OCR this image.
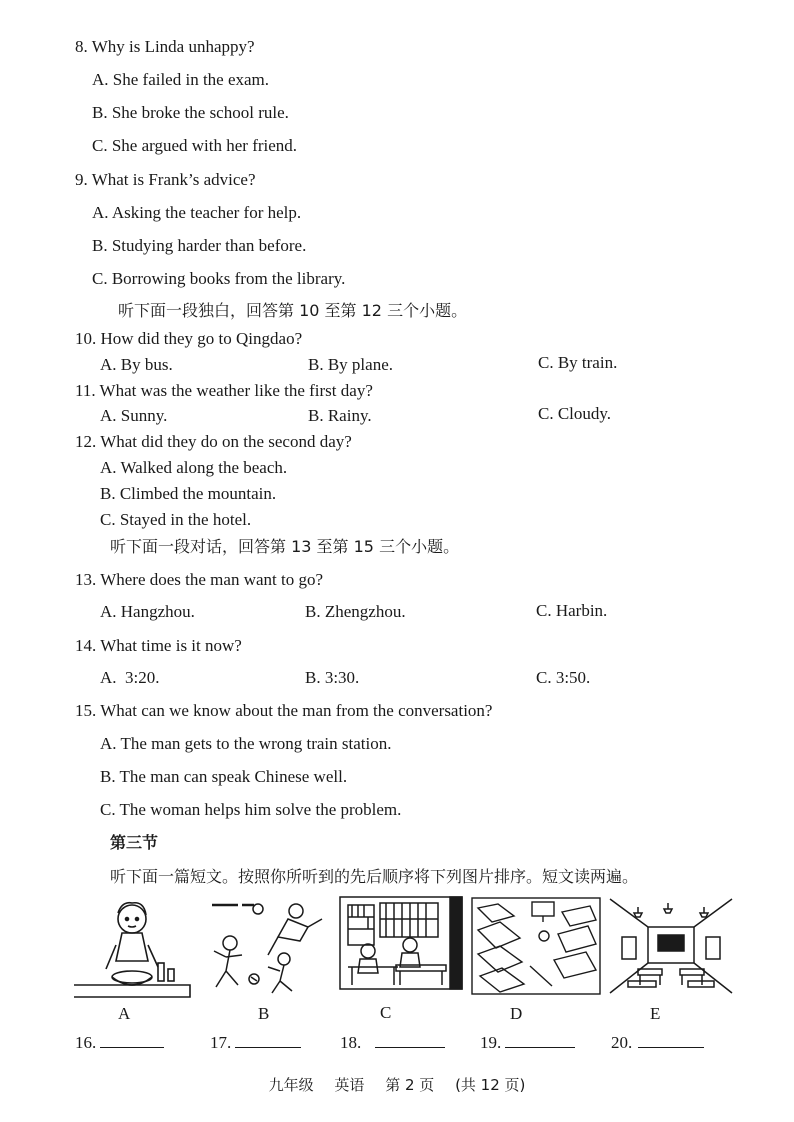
8. Why is Linda unhappy?
A. She failed in the exam.
B. She broke the school rule.
C. She argued with her friend.
9. What is Frank’s advice?
A. Asking the teacher for help.
B. Studying harder than before.
C. Borrowing books from the library.
听下面一段独白，回答第 10 至第 12 三个小题。
10. How did they go to Qingdao?
A. By bus.	B. By plane.	C. By train.
11. What was the weather like the first day?
A. Sunny.	B. Rainy.	C. Cloudy.
12. What did they do on the second day?
A. Walked along the beach.
B. Climbed the mountain.
C. Stayed in the hotel.
听下面一段对话，回答第 13 至第 15 三个小题。
13. Where does the man want to go?
A. Hangzhou.	B. Zhengzhou.	C. Harbin.
14. What time is it now?
A.  3:20.	B. 3:30.	C. 3:50.
15. What can we know about the man from the conversation?
A. The man gets to the wrong train station.
B. The man can speak Chinese well.
C. The woman helps him solve the problem.
第三节
听下面一篇短文。按照你所听到的先后顺序将下列图片排序。短文读两遍。
A	B	C	D	E
16.	17.	18.	19.	20.
九年级 英语 第 2 页 (共 12 页)
